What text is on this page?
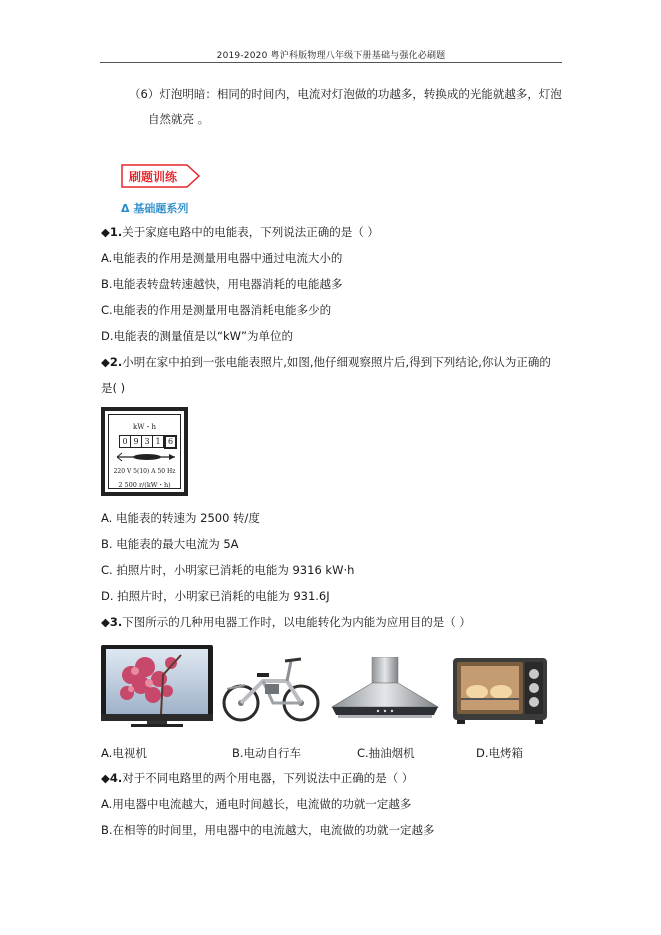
2019-2020 粤沪科版物理八年级下册基础与强化必刷题
（6）灯泡明暗：相同的时间内，电流对灯泡做的功越多，转换成的光能就越多，灯泡
自然就亮 。
刷题训练
Δ 基础题系列
◆1.关于家庭电路中的电能表，下列说法正确的是（ ）
A.电能表的作用是测量用电器中通过电流大小的
B.电能表转盘转速越快，用电器消耗的电能越多
C.电能表的作用是测量用电器消耗电能多少的
D.电能表的测量值是以“kW”为单位的
◆2.小明在家中拍到一张电能表照片,如图,他仔细观察照片后,得到下列结论,你认为正确的
是( )
kW・h
0 9 3 1 6
220 V 5(10) A 50 Hz
2 500 r/(kW・h)
A. 电能表的转速为 2500 转/度
B. 电能表的最大电流为 5A
C. 拍照片时，小明家已消耗的电能为 9316 kW·h
D. 拍照片时，小明家已消耗的电能为 931.6J
◆3.下图所示的几种用电器工作时，以电能转化为内能为应用目的是（ ）
A.电视机	B.电动自行车	C.抽油烟机	D.电烤箱
◆4.对于不同电路里的两个用电器，下列说法中正确的是（ ）
A.用电器中电流越大，通电时间越长，电流做的功就一定越多
B.在相等的时间里，用电器中的电流越大，电流做的功就一定越多
